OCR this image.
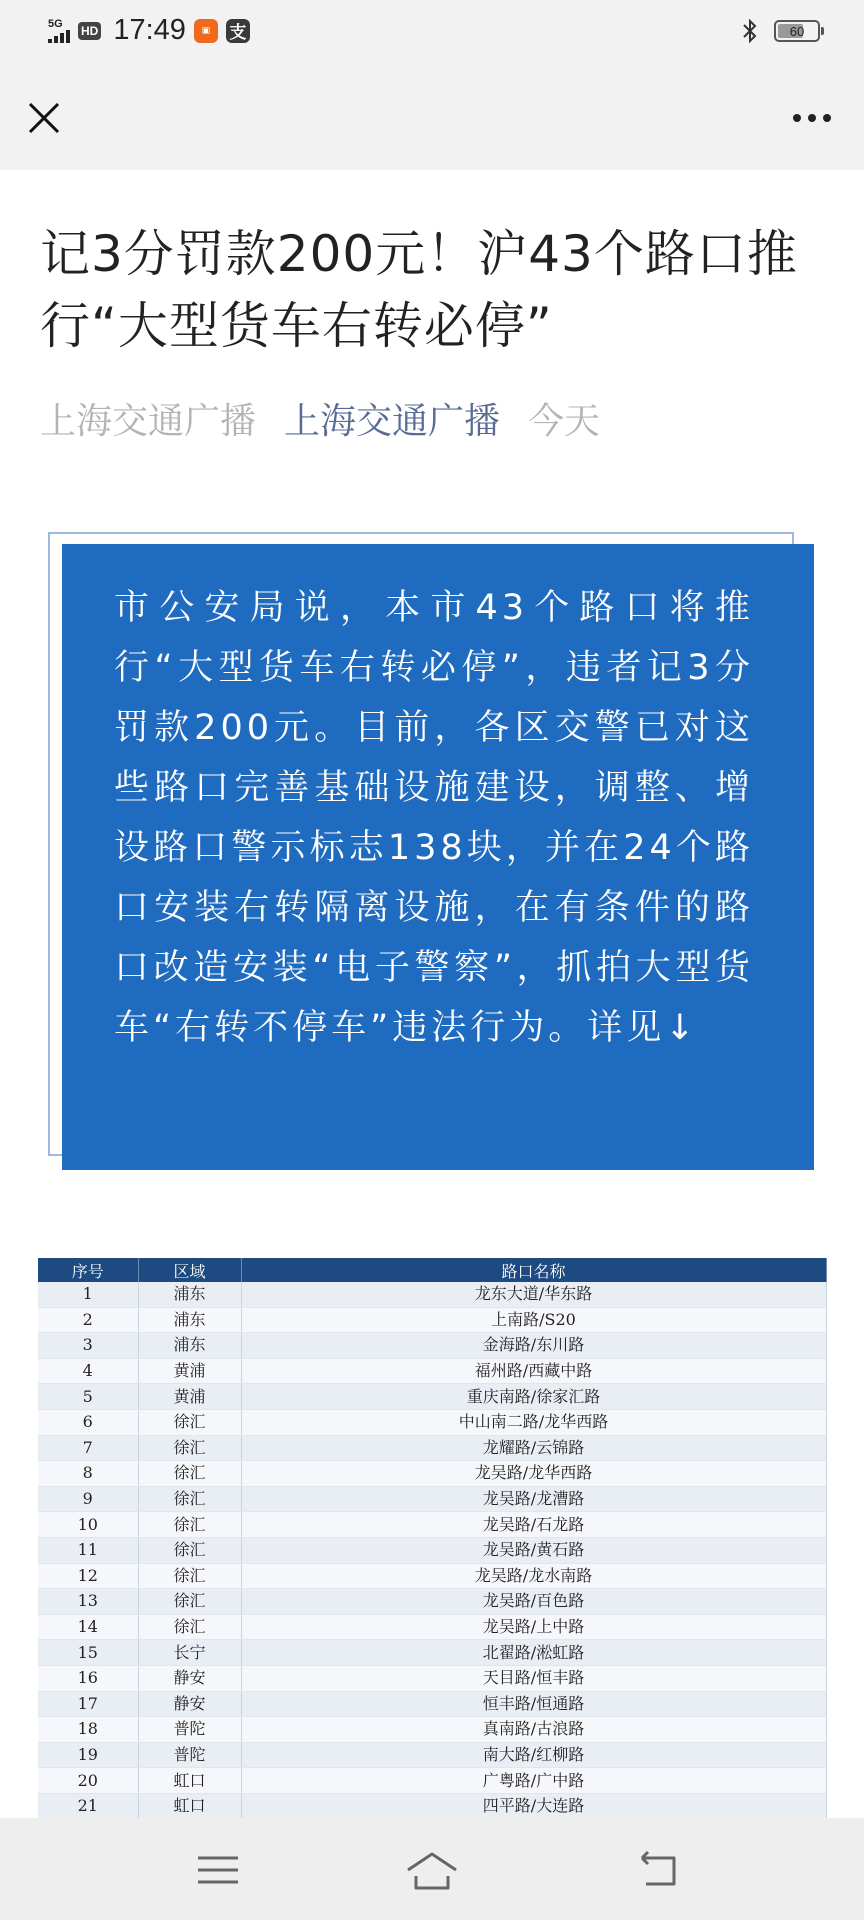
5G HD 17:49	▣	支	60
记3分罚款200元！沪43个路口推行“大型货车右转必停”
上海交通广播 上海交通广播 今天

市公安局说，本市43个路口将推行“大型货车右转必停”，违者记3分罚款200元。目前，各区交警已对这些路口完善基础设施建设，调整、增设路口警示标志138块，并在24个路口安装右转隔离设施，在有条件的路口改造安装“电子警察”，抓拍大型货车“右转不停车”违法行为。详见↓

序号	区域	路口名称
1	浦东	龙东大道/华东路
2	浦东	上南路/S20
3	浦东	金海路/东川路
4	黄浦	福州路/西藏中路
5	黄浦	重庆南路/徐家汇路
6	徐汇	中山南二路/龙华西路
7	徐汇	龙耀路/云锦路
8	徐汇	龙吴路/龙华西路
9	徐汇	龙吴路/龙漕路
10	徐汇	龙吴路/石龙路
11	徐汇	龙吴路/黄石路
12	徐汇	龙吴路/龙水南路
13	徐汇	龙吴路/百色路
14	徐汇	龙吴路/上中路
15	长宁	北翟路/淞虹路
16	静安	天目路/恒丰路
17	静安	恒丰路/恒通路
18	普陀	真南路/古浪路
19	普陀	南大路/红柳路
20	虹口	广粤路/广中路
21	虹口	四平路/大连路
